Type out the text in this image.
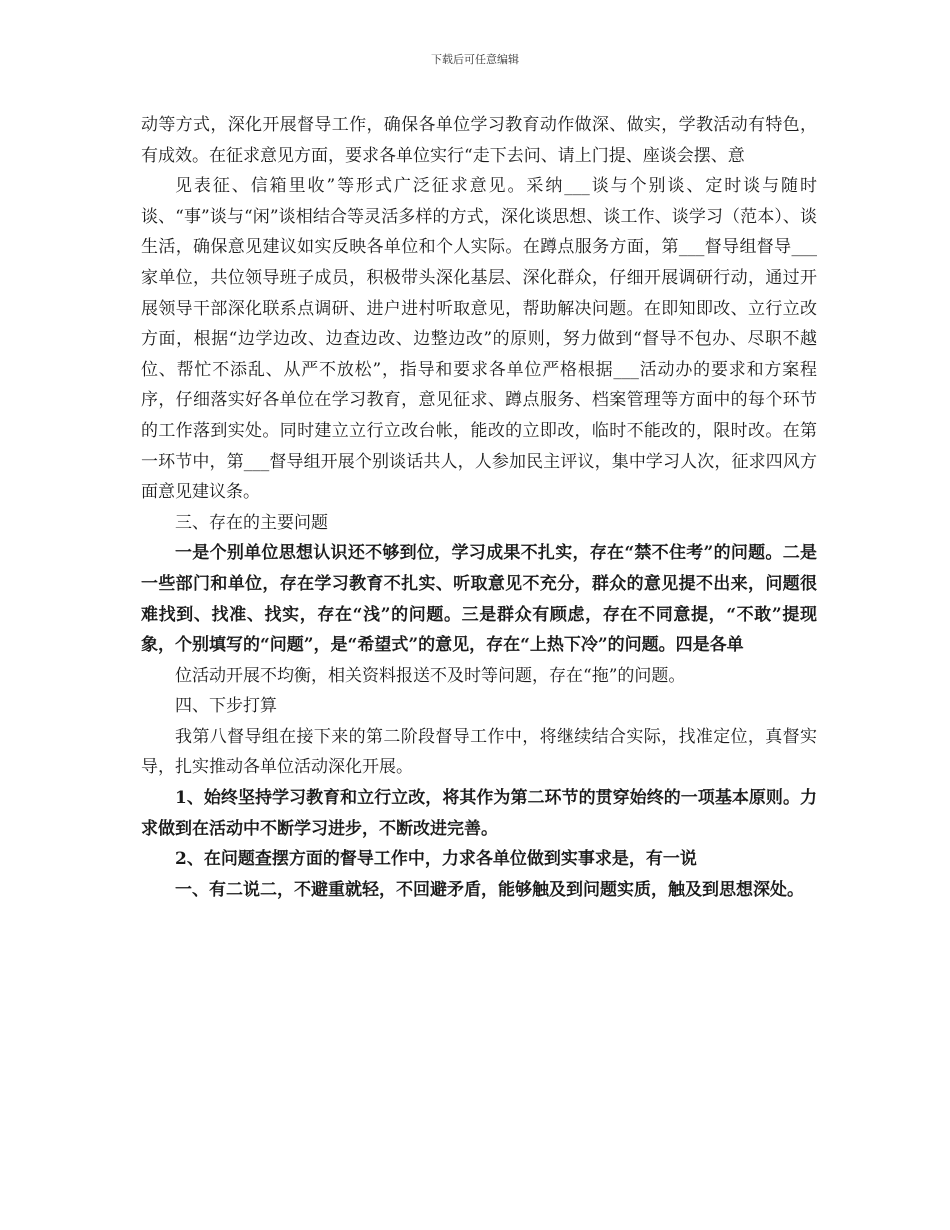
下载后可任意编辑

动等方式，深化开展督导工作，确保各单位学习教育动作做深、做实，学教活动有特色，有成效。在征求意见方面，要求各单位实行“走下去问、请上门提、座谈会摆、意

见表征、信箱里收”等形式广泛征求意见。采纳___谈与个别谈、定时谈与随时谈、“事”谈与“闲”谈相结合等灵活多样的方式，深化谈思想、谈工作、谈学习（范本）、谈生活，确保意见建议如实反映各单位和个人实际。在蹲点服务方面，第___督导组督导___家单位，共位领导班子成员，积极带头深化基层、深化群众，仔细开展调研行动，通过开展领导干部深化联系点调研、进户进村听取意见，帮助解决问题。在即知即改、立行立改方面，根据“边学边改、边查边改、边整边改”的原则，努力做到“督导不包办、尽职不越位、帮忙不添乱、从严不放松”，指导和要求各单位严格根据___活动办的要求和方案程序，仔细落实好各单位在学习教育，意见征求、蹲点服务、档案管理等方面中的每个环节的工作落到实处。同时建立立行立改台帐，能改的立即改，临时不能改的，限时改。在第一环节中，第___督导组开展个别谈话共人，人参加民主评议，集中学习人次，征求四风方面意见建议条。

三、存在的主要问题

一是个别单位思想认识还不够到位，学习成果不扎实，存在“禁不住考”的问题。二是一些部门和单位，存在学习教育不扎实、听取意见不充分，群众的意见提不出来，问题很难找到、找准、找实，存在“浅”的问题。三是群众有顾虑，存在不同意提，“不敢”提现象，个别填写的“问题”，是“希望式”的意见，存在“上热下冷”的问题。四是各单

位活动开展不均衡，相关资料报送不及时等问题，存在“拖”的问题。

四、下步打算

我第八督导组在接下来的第二阶段督导工作中，将继续结合实际，找准定位，真督实导，扎实推动各单位活动深化开展。

1、始终坚持学习教育和立行立改，将其作为第二环节的贯穿始终的一项基本原则。力求做到在活动中不断学习进步，不断改进完善。

2、在问题查摆方面的督导工作中，力求各单位做到实事求是，有一说

一、有二说二，不避重就轻，不回避矛盾，能够触及到问题实质，触及到思想深处。
